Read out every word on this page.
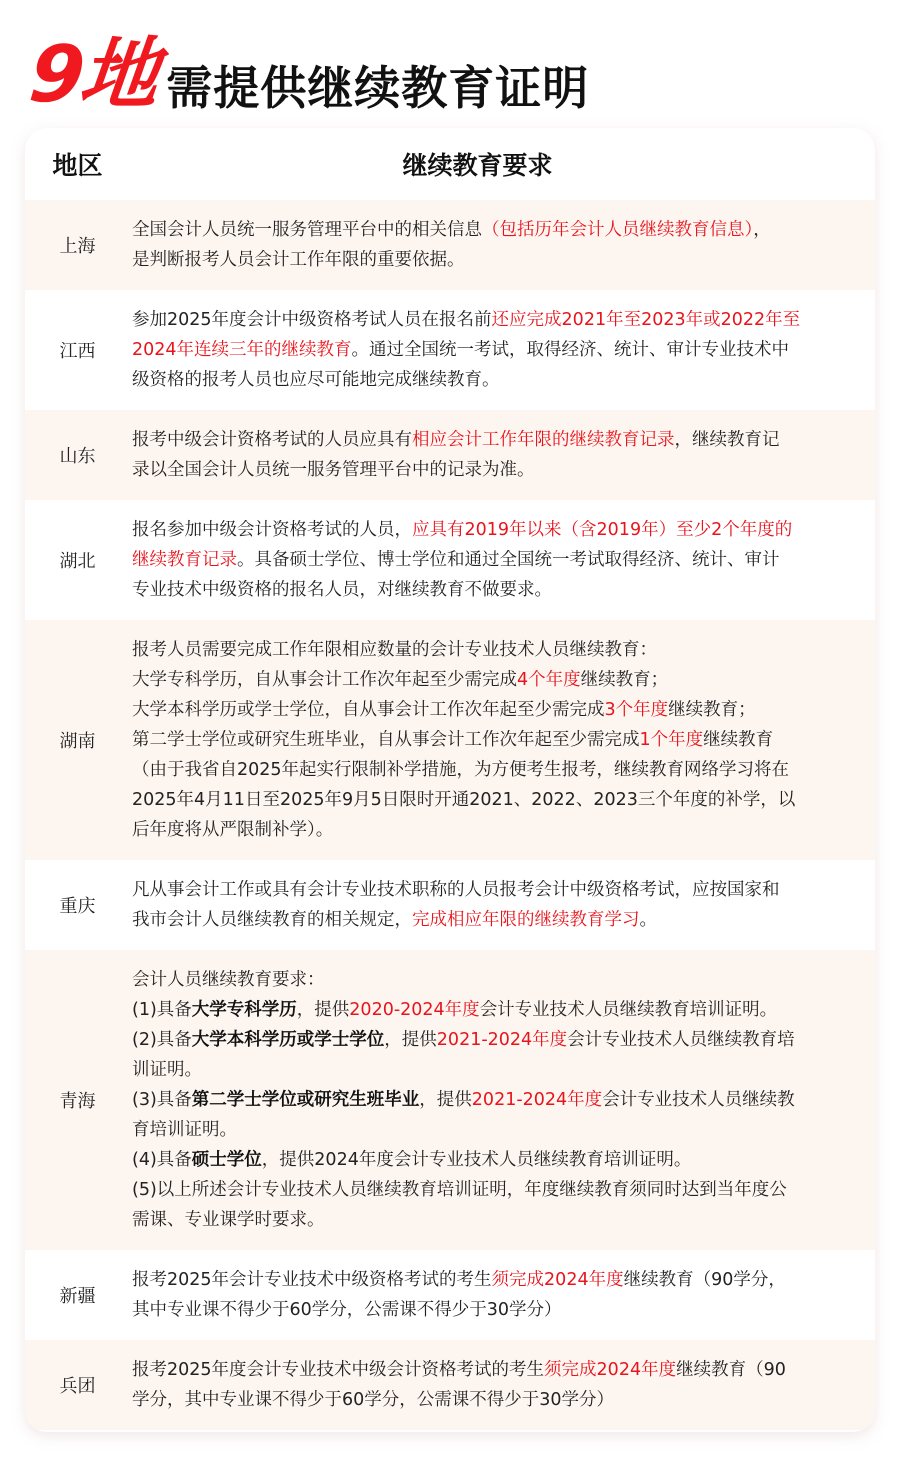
9地 需提供继续教育证明
地区	继续教育要求
上海
全国会计人员统一服务管理平台中的相关信息（包括历年会计人员继续教育信息），
是判断报考人员会计工作年限的重要依据。
江西
参加2025年度会计中级资格考试人员在报名前还应完成2021年至2023年或2022年至
2024年连续三年的继续教育。通过全国统一考试，取得经济、统计、审计专业技术中
级资格的报考人员也应尽可能地完成继续教育。
山东
报考中级会计资格考试的人员应具有相应会计工作年限的继续教育记录，继续教育记
录以全国会计人员统一服务管理平台中的记录为准。
湖北
报名参加中级会计资格考试的人员，应具有2019年以来（含2019年）至少2个年度的
继续教育记录。具备硕士学位、博士学位和通过全国统一考试取得经济、统计、审计
专业技术中级资格的报名人员，对继续教育不做要求。
湖南
报考人员需要完成工作年限相应数量的会计专业技术人员继续教育：
大学专科学历，自从事会计工作次年起至少需完成4个年度继续教育；
大学本科学历或学士学位，自从事会计工作次年起至少需完成3个年度继续教育；
第二学士学位或研究生班毕业，自从事会计工作次年起至少需完成1个年度继续教育
（由于我省自2025年起实行限制补学措施，为方便考生报考，继续教育网络学习将在
2025年4月11日至2025年9月5日限时开通2021、2022、2023三个年度的补学，以
后年度将从严限制补学）。
重庆
凡从事会计工作或具有会计专业技术职称的人员报考会计中级资格考试，应按国家和
我市会计人员继续教育的相关规定，完成相应年限的继续教育学习。
青海
会计人员继续教育要求：
(1)具备大学专科学历，提供2020-2024年度会计专业技术人员继续教育培训证明。
(2)具备大学本科学历或学士学位，提供2021-2024年度会计专业技术人员继续教育培
训证明。
(3)具备第二学士学位或研究生班毕业，提供2021-2024年度会计专业技术人员继续教
育培训证明。
(4)具备硕士学位，提供2024年度会计专业技术人员继续教育培训证明。
(5)以上所述会计专业技术人员继续教育培训证明，年度继续教育须同时达到当年度公
需课、专业课学时要求。
新疆
报考2025年会计专业技术中级资格考试的考生须完成2024年度继续教育（90学分，
其中专业课不得少于60学分，公需课不得少于30学分）
兵团
报考2025年度会计专业技术中级会计资格考试的考生须完成2024年度继续教育（90
学分，其中专业课不得少于60学分，公需课不得少于30学分）
